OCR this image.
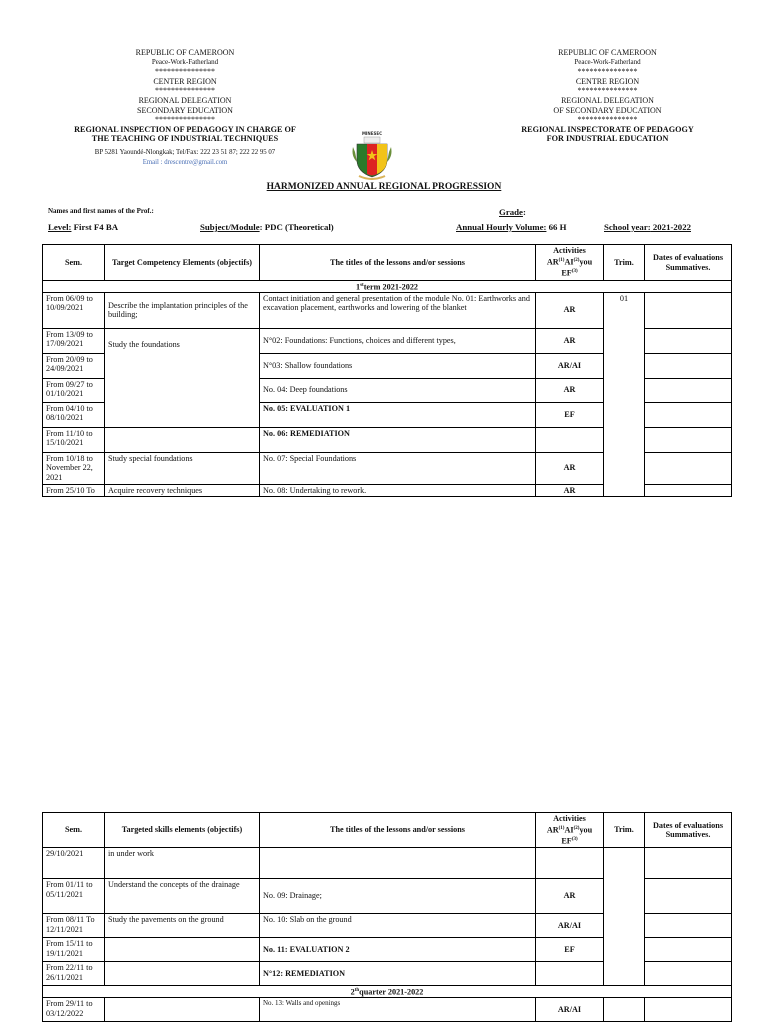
REPUBLIC OF CAMEROON
Peace-Work-Fatherland
***************
CENTER REGION
***************
REGIONAL DELEGATION
SECONDARY EDUCATION
***************
REGIONAL INSPECTION OF PEDAGOGY IN CHARGE OF
THE TEACHING OF INDUSTRIAL TECHNIQUES
BP 5281 Yaoundé-Nlongkak; Tel/Fax: 222 23 51 87; 222 22 95 07
Email : drescentre@gmail.com
REPUBLIC OF CAMEROON
Peace-Work-Fatherland
***************
CENTRE REGION
***************
REGIONAL DELEGATION
OF SECONDARY EDUCATION
***************
REGIONAL INSPECTORATE OF PEDAGOGY
FOR INDUSTRIAL EDUCATION
MINESEC
HARMONIZED ANNUAL REGIONAL PROGRESSION
Names and first names of the Prof.:	Grade:
Level: First F4 BA	Subject/Module: PDC (Theoretical)	Annual Hourly Volume: 66 H	School year: 2021-2022
Sem.	Target Competency Elements (objectifs)	The titles of the lessons and/or sessions	Activities
AR$^{(1)}$AI$^{(2)}$you
EF$^{(3)}$	Trim.	Dates of evaluations Summatives.
1stterm 2021-2022					
From 06/09 to 10/09/2021	Describe the implantation principles of the building;	Contact initiation and general presentation of the module No. 01: Earthworks and excavation placement, earthworks and lowering of the blanket	AR	01	
From 13/09 to 17/09/2021	Study the foundations	N°02: Foundations: Functions, choices and different types,	AR		
From 20/09 to 24/09/2021		N°03: Shallow foundations	AR/AI		
From 09/27 to 01/10/2021		No. 04: Deep foundations	AR		
From 04/10 to 08/10/2021		No. 05: EVALUATION 1	EF		
From 11/10 to 15/10/2021		No. 06: REMEDIATION			
From 10/18 to November 22, 2021	Study special foundations	No. 07: Special Foundations	AR		
From 25/10 To	Acquire recovery techniques	No. 08: Undertaking to rework.	AR		
Sem.	Targeted skills elements (objectifs)	The titles of the lessons and/or sessions	Activities
AR$^{(1)}$AI$^{(2)}$you
EF$^{(3)}$	Trim.	Dates of evaluations Summatives.
29/10/2021	in under work				
From 01/11 to 05/11/2021	Understand the concepts of the drainage	No. 09: Drainage;	AR		
From 08/11 To 12/11/2021	Study the pavements on the ground	No. 10: Slab on the ground	AR/AI		
From 15/11 to 19/11/2021		No. 11: EVALUATION 2	EF		
From 22/11 to 26/11/2021		N°12: REMEDIATION			
2thquarter 2021-2022					
From 29/11 to 03/12/2022		No. 13: Walls and openings	AR/AI		
